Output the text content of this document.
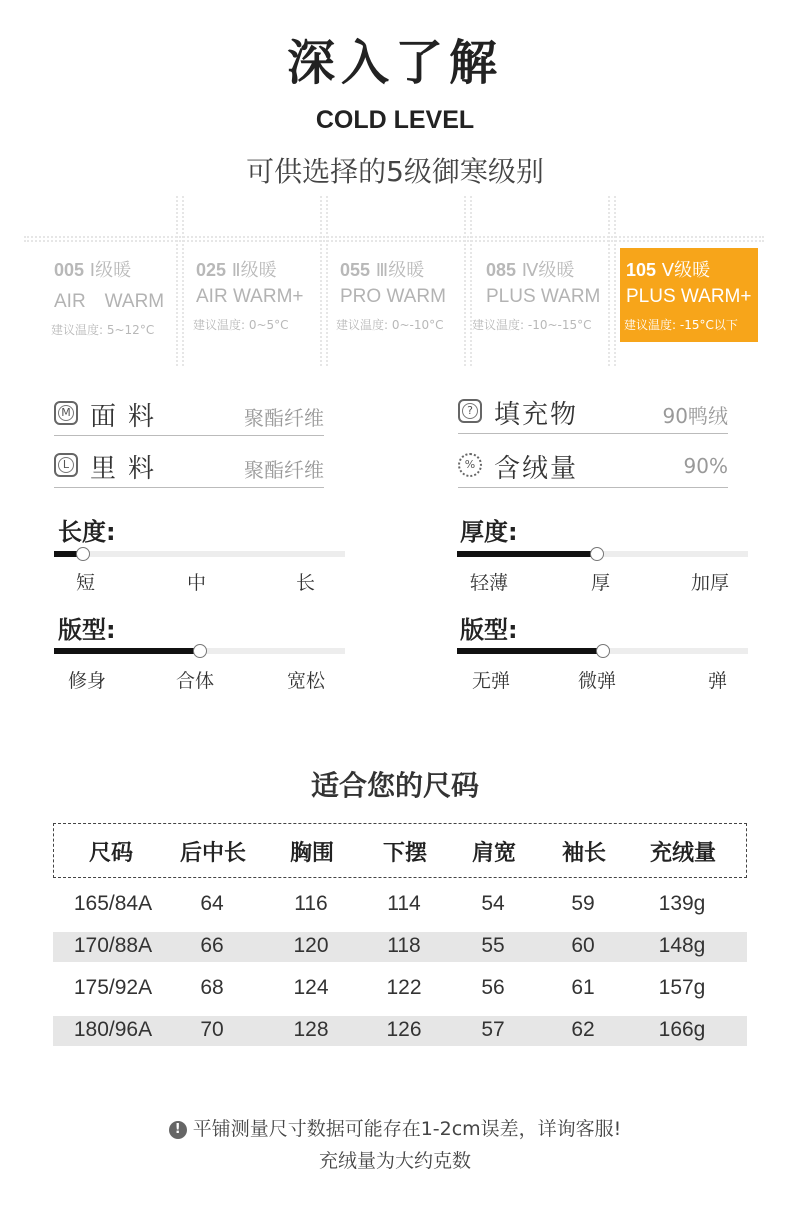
深入了解
COLD LEVEL
可供选择的5级御寒级别
005 Ⅰ级暖
AIR　WARM
建议温度: 5~12°C
025 Ⅱ级暖
AIR WARM+
建议温度: 0~5°C
055 Ⅲ级暖
PRO WARM
建议温度: 0~-10°C
085 Ⅳ级暖
PLUS WARM
建议温度: -10~-15°C
105 Ⅴ级暖
PLUS WARM+
建议温度: -15°C以下
M 面料	聚酯纤维
L 里料	聚酯纤维
? 填充物	90鸭绒
% 含绒量	90%
长度:
短	中	长
厚度:
轻薄	厚	加厚
版型:
修身	合体	宽松
版型:
无弹	微弹	弹
适合您的尺码
尺码 后中长 胸围 下摆 肩宽 袖长 充绒量
165/84A 64	116	114	54	59	139g
170/88A 66	120	118	55	60	148g
175/92A 68	124	122	56	61	157g
180/96A 70	128	126	57	62	166g
! 平铺测量尺寸数据可能存在1-2cm误差，详询客服!
充绒量为大约克数
